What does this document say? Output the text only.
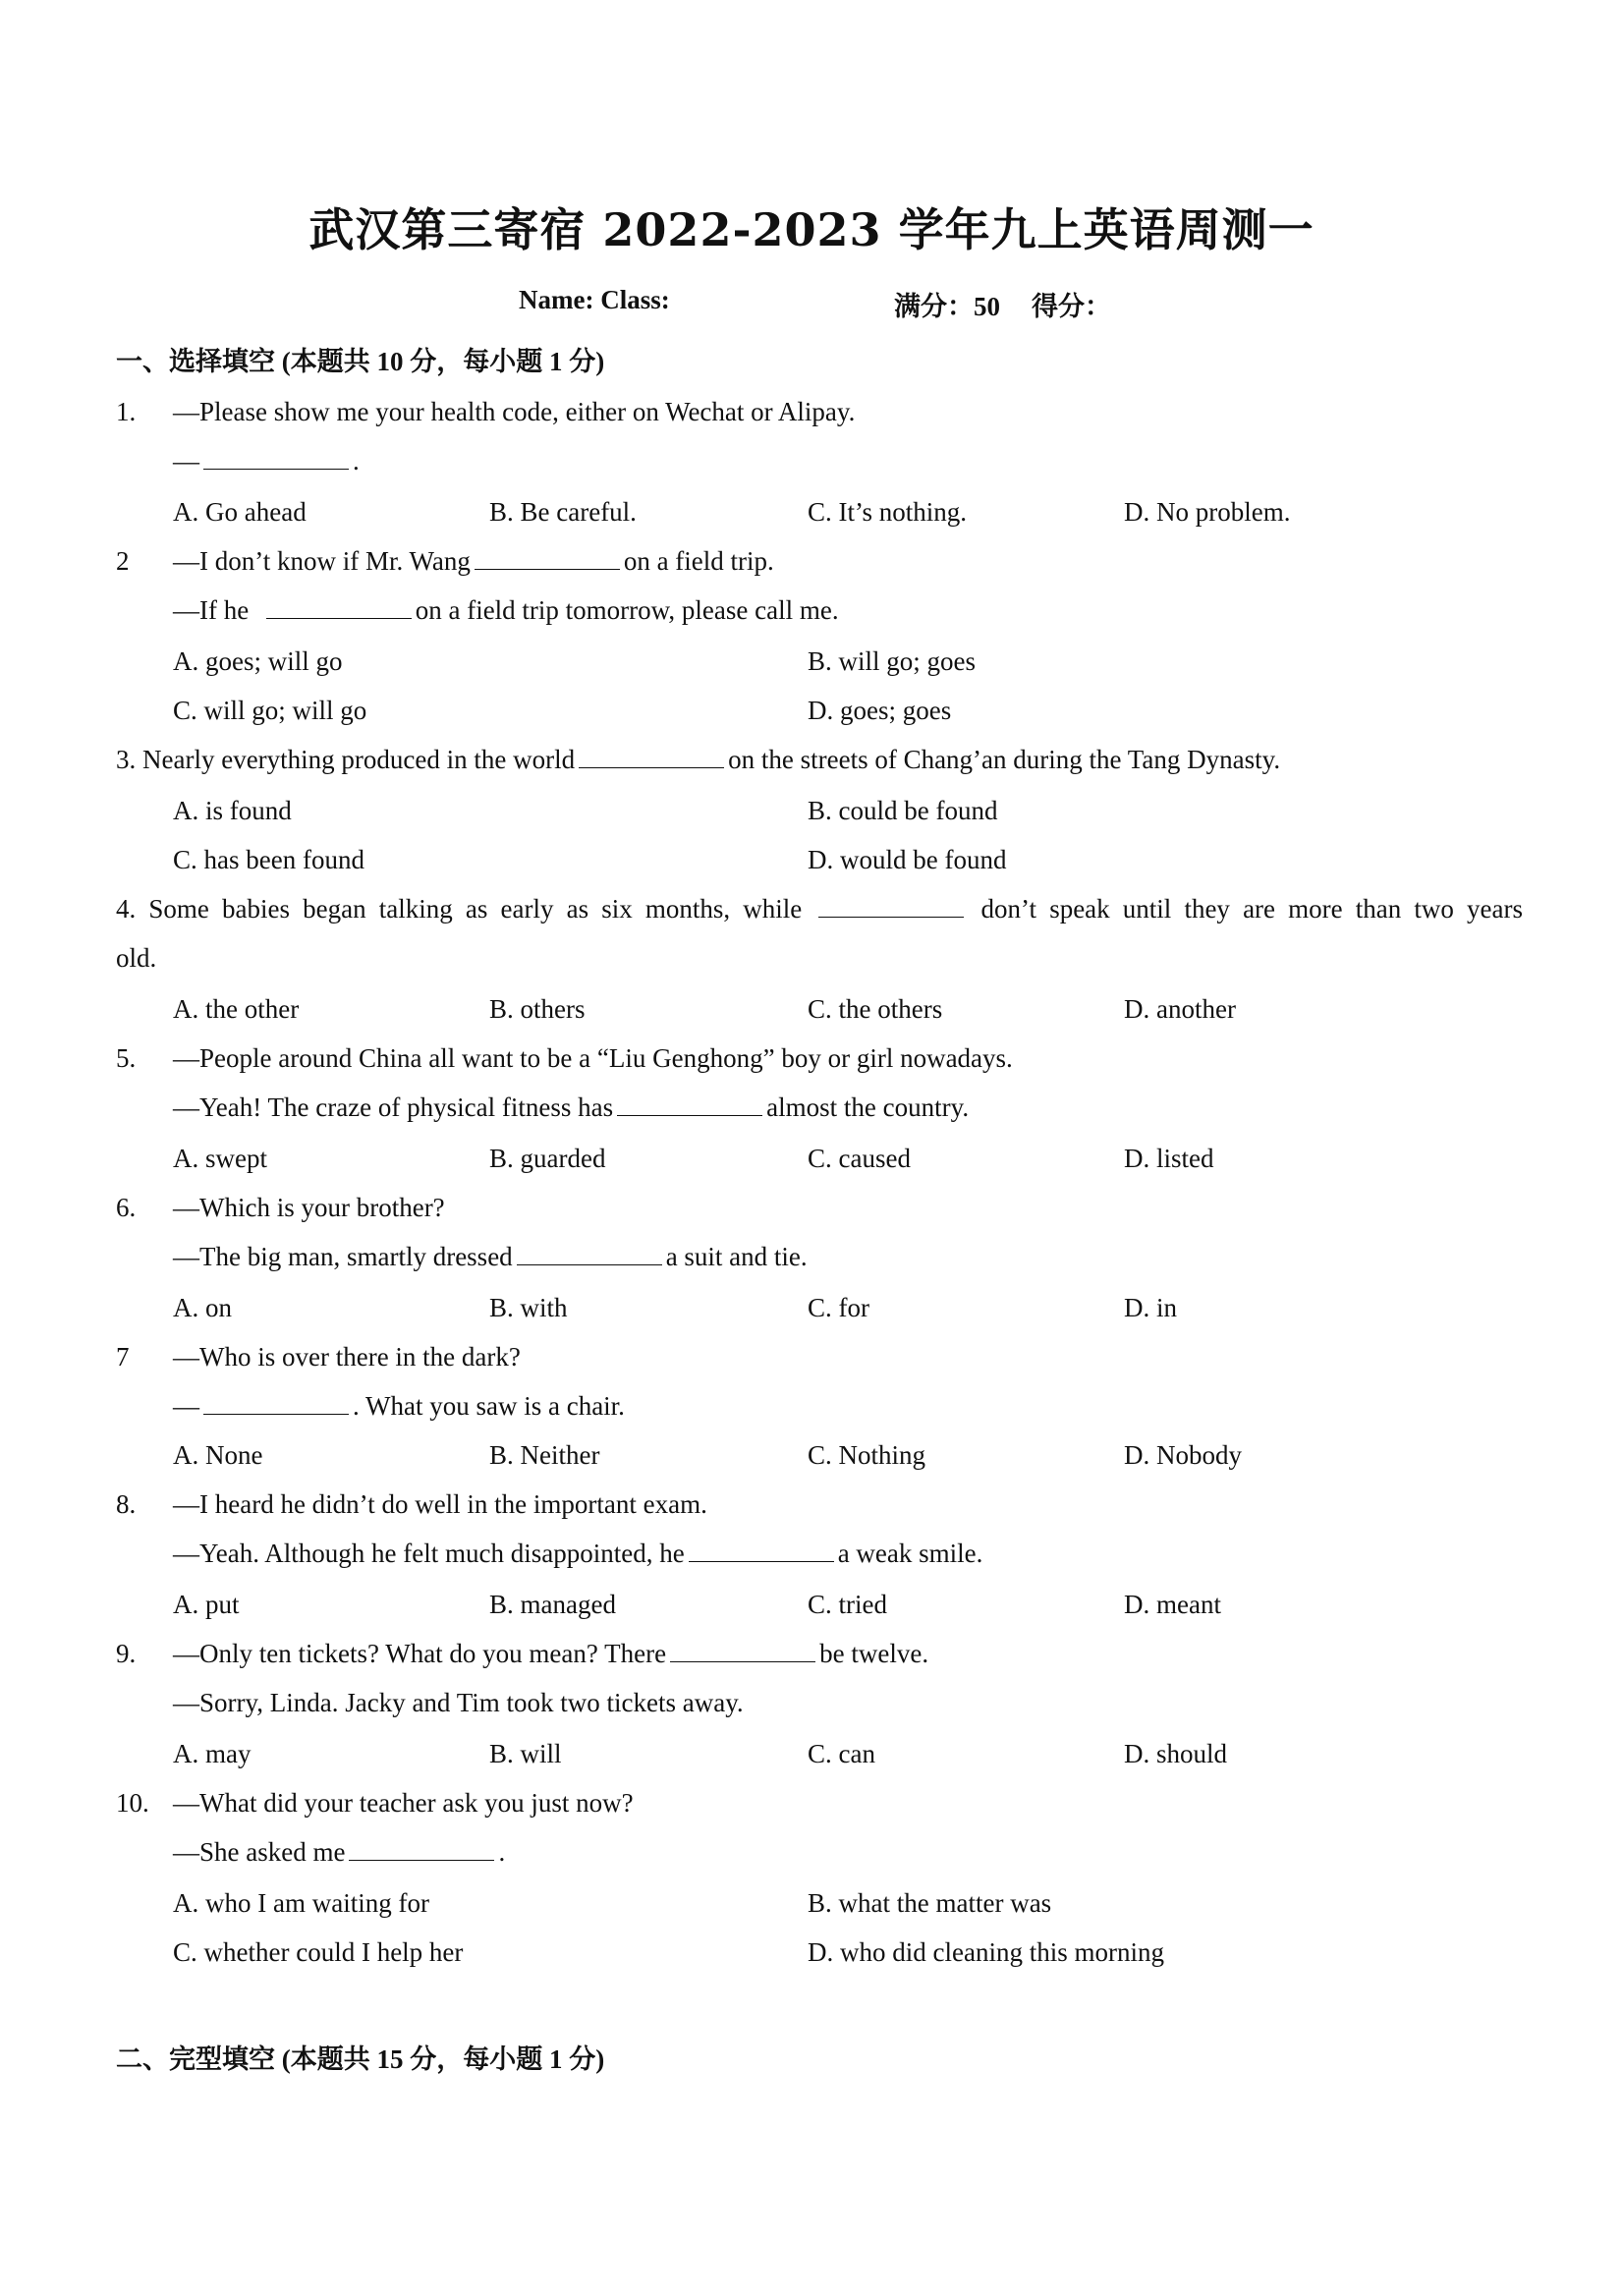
武汉第三寄宿 2022-2023 学年九上英语周测一
Name: Class:	满分：50 得分：
一、选择填空 (本题共 10 分，每小题 1 分)
1. —Please show me your health code, either on Wechat or Alipay.
—	.
A. Go ahead	B. Be careful.	C. It’s nothing.	D. No problem.
2 —I don’t know if Mr. Wang	on a field trip.
—If he	on a field trip tomorrow, please call me.
A. goes; will go	B. will go; goes
C. will go; will go	D. goes; goes
3. Nearly everything produced in the world	on the streets of Chang’an during the Tang Dynasty.
A. is found	B. could be found
C. has been found	D. would be found
4. Some babies began talking as early as six months, while	don’t speak until they are more than two years
old.
A. the other	B. others	C. the others	D. another
5. —People around China all want to be a “Liu Genghong” boy or girl nowadays.
—Yeah! The craze of physical fitness has	almost the country.
A. swept	B. guarded	C. caused	D. listed
6. —Which is your brother?
—The big man, smartly dressed	a suit and tie.
A. on	B. with	C. for	D. in
7 —Who is over there in the dark?
—	. What you saw is a chair.
A. None	B. Neither	C. Nothing	D. Nobody
8. —I heard he didn’t do well in the important exam.
—Yeah. Although he felt much disappointed, he	a weak smile.
A. put	B. managed	C. tried	D. meant
9. —Only ten tickets? What do you mean? There	be twelve.
—Sorry, Linda. Jacky and Tim took two tickets away.
A. may	B. will	C. can	D. should
10. —What did your teacher ask you just now?
—She asked me	.
A. who I am waiting for	B. what the matter was
C. whether could I help her	D. who did cleaning this morning
二、完型填空 (本题共 15 分，每小题 1 分)
